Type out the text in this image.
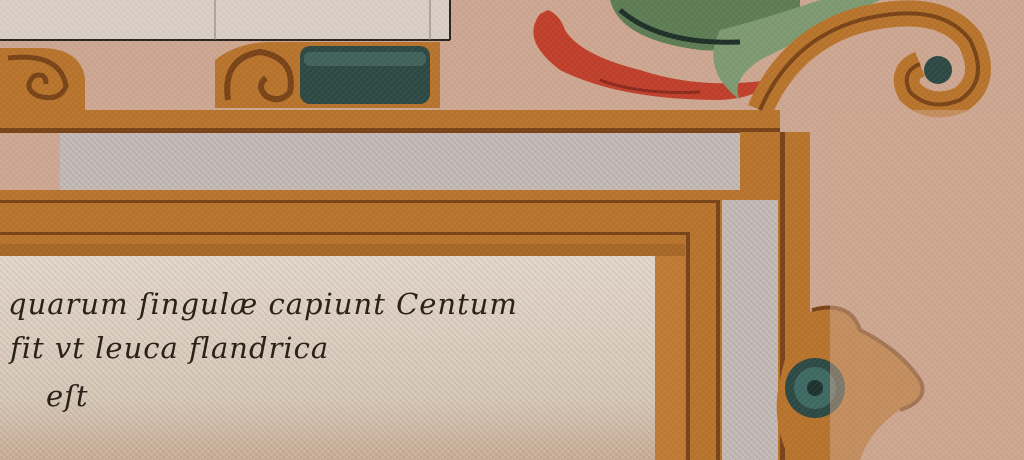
quarum ſingulæ capiunt Centum
fit vt leuca flandrica
eſt
